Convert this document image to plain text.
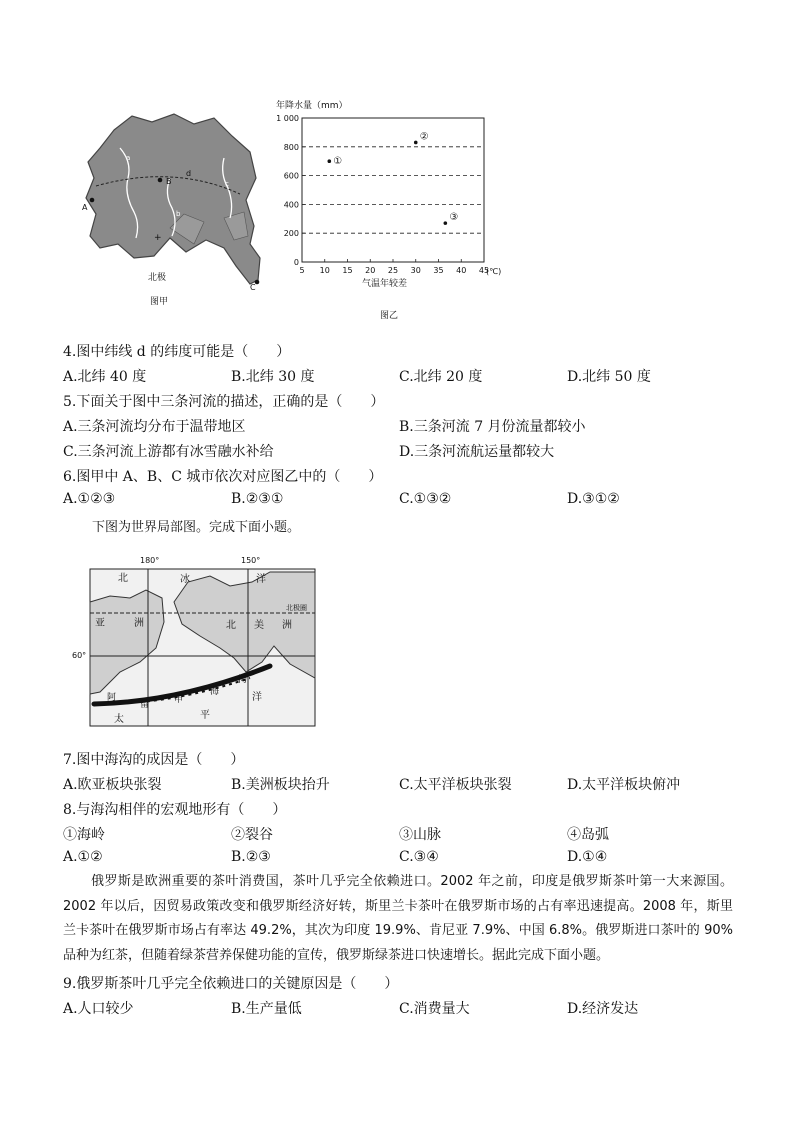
a
b
c
d
A
B
C
+
北极
图甲
年降水量（mm）
1 000
800
600
400
200
0
5 10 15 20 25 30 35 40 45
①
②
③
气温年较差
(℃)
图乙
4.图中纬线 d 的纬度可能是（　　）
A.北纬 40 度	B.北纬 30 度	C.北纬 20 度	D.北纬 50 度
5.下面关于图中三条河流的描述，正确的是（　　）
A.三条河流均分布于温带地区	B.三条河流 7 月份流量都较小
C.三条河流上游都有冰雪融水补给	D.三条河流航运量都较大
6.图甲中 A、B、C 城市依次对应图乙中的（　　）
A.①②③	B.②③①	C.①③②	D.③①②
下图为世界局部图。完成下面小题。
180°	150°
60°
北	冰	洋
北极圈
亚	洲	北 美 洲
阿
留	申
海
沟
太	平
洋
7.图中海沟的成因是（　　）
A.欧亚板块张裂	B.美洲板块抬升	C.太平洋板块张裂	D.太平洋板块俯冲
8.与海沟相伴的宏观地形有（　　）
①海岭	②裂谷	③山脉	④岛弧
A.①②	B.②③	C.③④	D.①④
俄罗斯是欧洲重要的茶叶消费国，茶叶几乎完全依赖进口。2002 年之前，印度是俄罗斯茶叶第一大来源国。2002 年以后，因贸易政策改变和俄罗斯经济好转，斯里兰卡茶叶在俄罗斯市场的占有率迅速提高。2008 年，斯里兰卡茶叶在俄罗斯市场占有率达 49.2%，其次为印度 19.9%、肯尼亚 7.9%、中国 6.8%。俄罗斯进口茶叶的 90%品种为红茶，但随着绿茶营养保健功能的宣传，俄罗斯绿茶进口快速增长。据此完成下面小题。
9.俄罗斯茶叶几乎完全依赖进口的关键原因是（　　）
A.人口较少	B.生产量低	C.消费量大	D.经济发达
